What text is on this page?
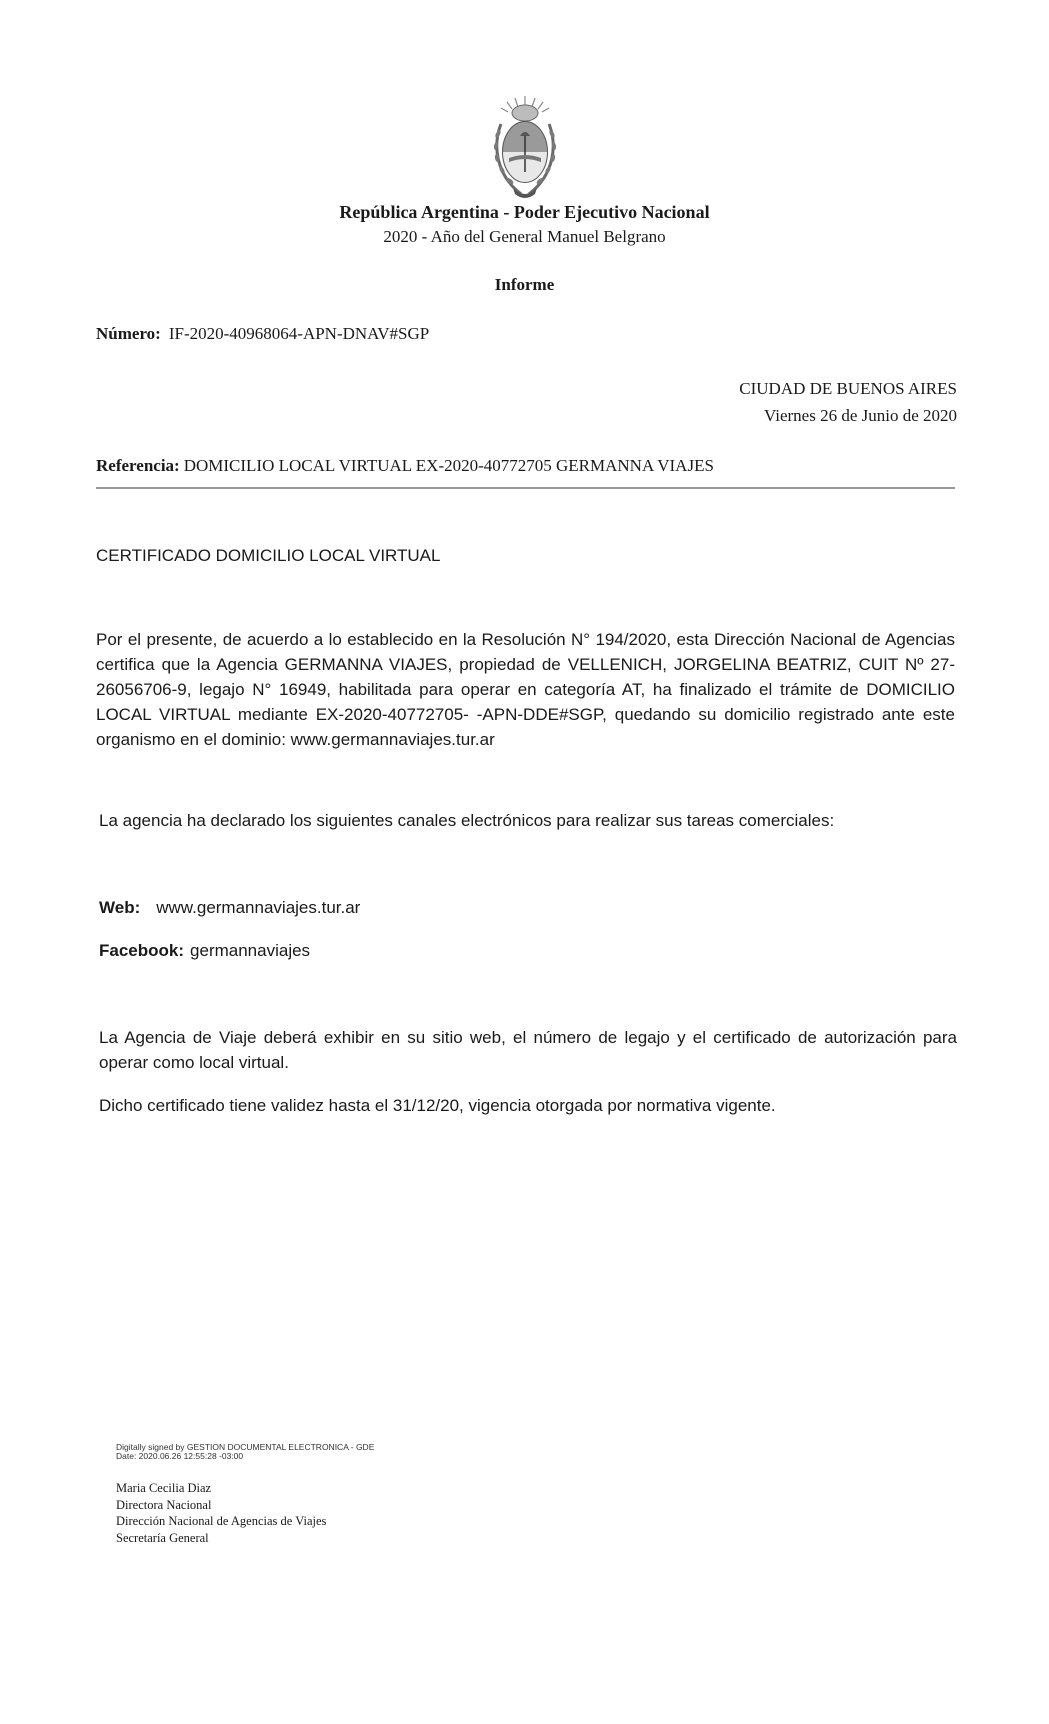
República Argentina - Poder Ejecutivo Nacional
2020 - Año del General Manuel Belgrano
Informe
Número: IF-2020-40968064-APN-DNAV#SGP
CIUDAD DE BUENOS AIRES
Viernes 26 de Junio de 2020
Referencia: DOMICILIO LOCAL VIRTUAL EX-2020-40772705 GERMANNA VIAJES
CERTIFICADO DOMICILIO LOCAL VIRTUAL
Por el presente, de acuerdo a lo establecido en la Resolución N° 194/2020, esta Dirección Nacional de Agencias certifica que la Agencia GERMANNA VIAJES, propiedad de VELLENICH, JORGELINA BEATRIZ, CUIT Nº 27-26056706-9, legajo N° 16949, habilitada para operar en categoría AT, ha finalizado el trámite de DOMICILIO LOCAL VIRTUAL mediante EX-2020-40772705- -APN-DDE#SGP, quedando su domicilio registrado ante este organismo en el dominio: www.germannaviajes.tur.ar
La agencia ha declarado los siguientes canales electrónicos para realizar sus tareas comerciales:
Web: www.germannaviajes.tur.ar
Facebook: germannaviajes
La Agencia de Viaje deberá exhibir en su sitio web, el número de legajo y el certificado de autorización para operar como local virtual.
Dicho certificado tiene validez hasta el 31/12/20, vigencia otorgada por normativa vigente.
Digitally signed by GESTION DOCUMENTAL ELECTRONICA - GDE
Date: 2020.06.26 12:55:28 -03:00
Maria Cecilia Diaz
Directora Nacional
Dirección Nacional de Agencias de Viajes
Secretaría General
